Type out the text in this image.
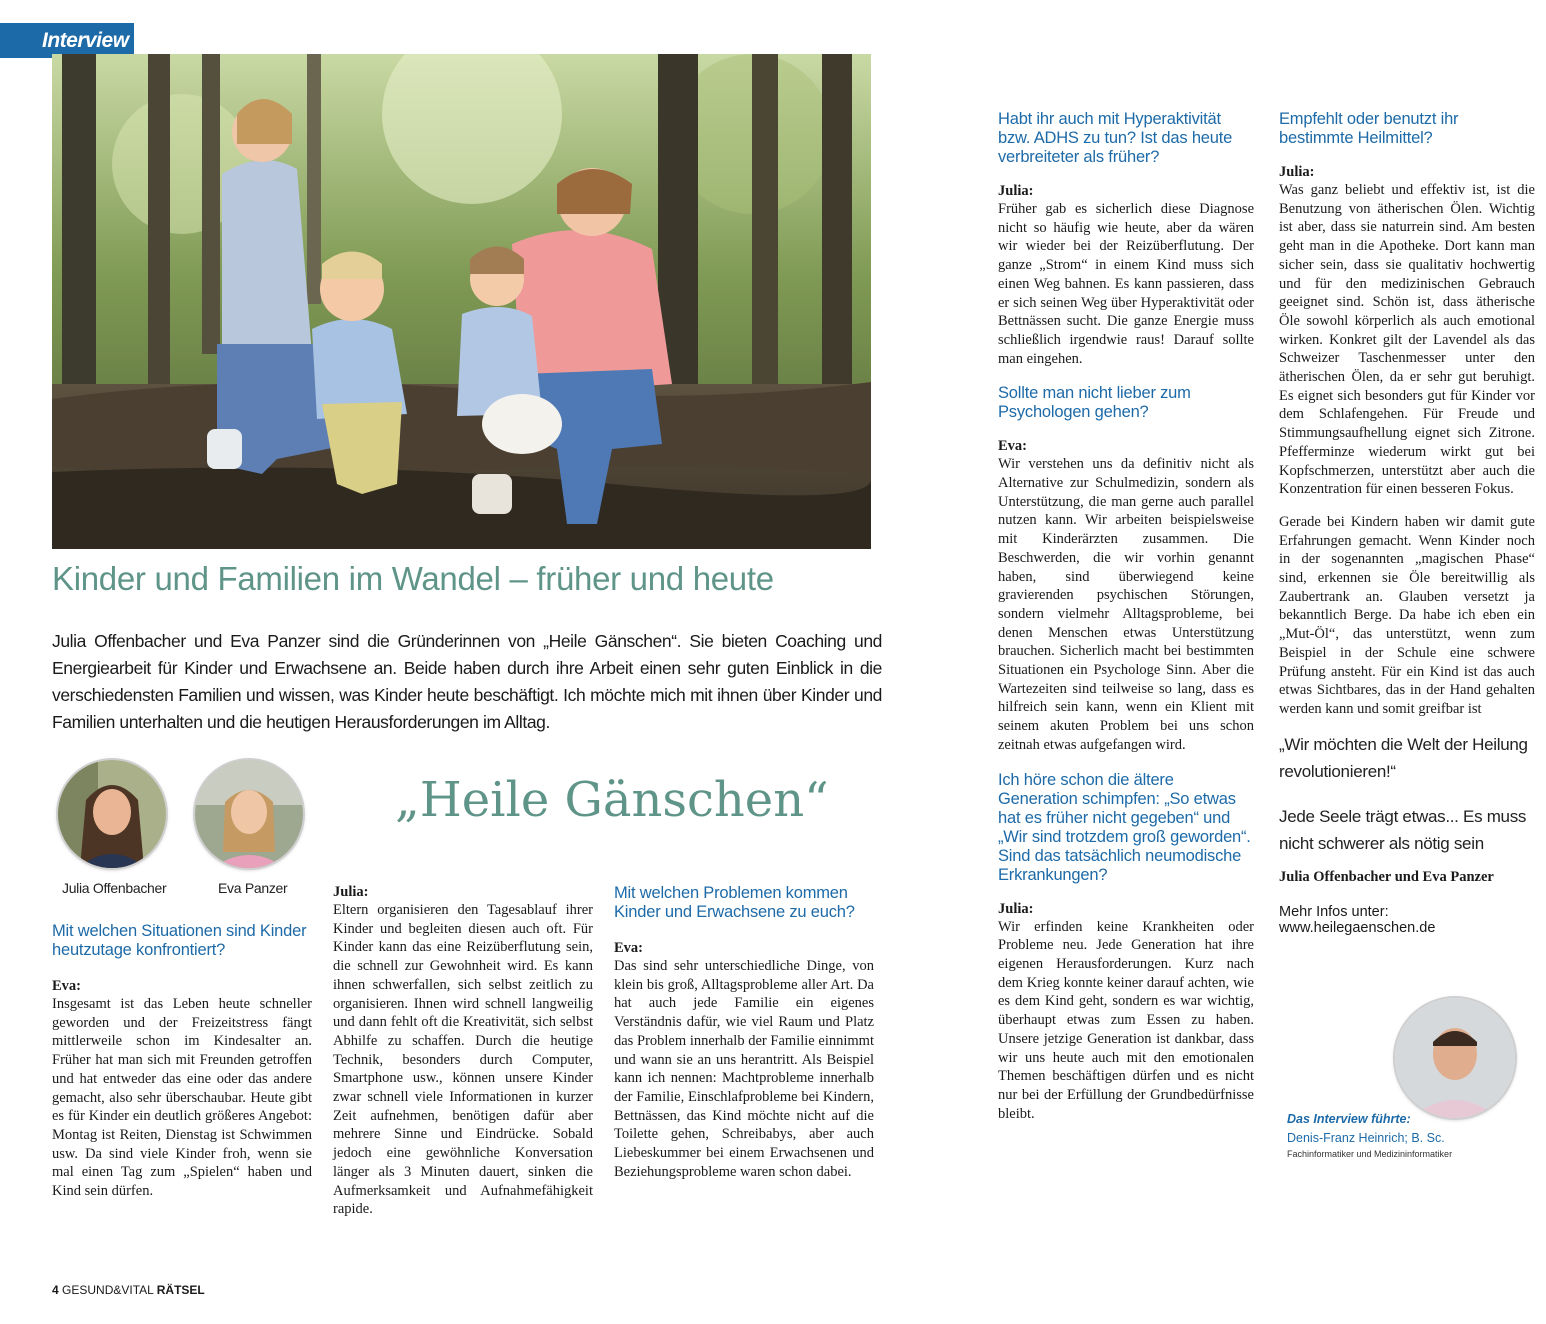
Interview
Kinder und Familien im Wandel – früher und heute
Julia Offenbacher und Eva Panzer sind die Gründerinnen von „Heile Gänschen“. Sie bieten Coaching und Energiearbeit für Kinder und Erwachsene an. Beide haben durch ihre Arbeit einen sehr guten Einblick in die verschiedensten Familien und wissen, was Kinder heute beschäftigt. Ich möchte mich mit ihnen über Kinder und Familien unterhalten und die heutigen Herausforderungen im Alltag.
Julia Offenbacher	Eva Panzer
„Heile Gänschen“
Mit welchen Situationen sind Kinder heutzutage konfrontiert?
Eva:
Insgesamt ist das Leben heute schneller geworden und der Freizeitstress fängt mittlerweile schon im Kindesalter an. Früher hat man sich mit Freunden getroffen und hat entweder das eine oder das andere gemacht, also sehr überschaubar. Heute gibt es für Kinder ein deutlich größeres Angebot: Montag ist Reiten, Dienstag ist Schwimmen usw. Da sind viele Kinder froh, wenn sie mal einen Tag zum „Spielen“ haben und Kind sein dürfen.
Julia:
Eltern organisieren den Tagesablauf ihrer Kinder und begleiten diesen auch oft. Für Kinder kann das eine Reizüberflutung sein, die schnell zur Gewohnheit wird. Es kann ihnen schwerfallen, sich selbst zeitlich zu organisieren. Ihnen wird schnell langweilig und dann fehlt oft die Kreativität, sich selbst Abhilfe zu schaffen. Durch die heutige Technik, besonders durch Computer, Smartphone usw., können unsere Kinder zwar schnell viele Informationen in kurzer Zeit aufnehmen, benötigen dafür aber mehrere Sinne und Eindrücke. Sobald jedoch eine gewöhnliche Konversation länger als 3 Minuten dauert, sinken die Aufmerksamkeit und Aufnahmefähigkeit rapide.
Mit welchen Problemen kommen Kinder und Erwachsene zu euch?
Eva:
Das sind sehr unterschiedliche Dinge, von klein bis groß, Alltagsprobleme aller Art. Da hat auch jede Familie ein eigenes Verständnis dafür, wie viel Raum und Platz das Problem innerhalb der Familie einnimmt und wann sie an uns herantritt. Als Beispiel kann ich nennen: Machtprobleme innerhalb der Familie, Einschlafprobleme bei Kindern, Bettnässen, das Kind möchte nicht auf die Toilette gehen, Schreibabys, aber auch Liebeskummer bei einem Erwachsenen und Beziehungsprobleme waren schon dabei.
Habt ihr auch mit Hyperaktivität bzw. ADHS zu tun? Ist das heute verbreiteter als früher?
Julia:
Früher gab es sicherlich diese Diagnose nicht so häufig wie heute, aber da wären wir wieder bei der Reizüberflutung. Der ganze „Strom“ in einem Kind muss sich einen Weg bahnen. Es kann passieren, dass er sich seinen Weg über Hyperaktivität oder Bettnässen sucht. Die ganze Energie muss schließlich irgendwie raus! Darauf sollte man eingehen.
Sollte man nicht lieber zum Psychologen gehen?
Eva:
Wir verstehen uns da definitiv nicht als Alternative zur Schulmedizin, sondern als Unterstützung, die man gerne auch parallel nutzen kann. Wir arbeiten beispielsweise mit Kinderärzten zusammen. Die Beschwerden, die wir vorhin genannt haben, sind überwiegend keine gravierenden psychischen Störungen, sondern vielmehr Alltagsprobleme, bei denen Menschen etwas Unterstützung brauchen. Sicherlich macht bei bestimmten Situationen ein Psychologe Sinn. Aber die Wartezeiten sind teilweise so lang, dass es hilfreich sein kann, wenn ein Klient mit seinem akuten Problem bei uns schon zeitnah etwas aufgefangen wird.
Ich höre schon die ältere Generation schimpfen: „So etwas hat es früher nicht gegeben“ und „Wir sind trotzdem groß geworden“. Sind das tatsächlich neumodische Erkrankungen?
Julia:
Wir erfinden keine Krankheiten oder Probleme neu. Jede Generation hat ihre eigenen Herausforderungen. Kurz nach dem Krieg konnte keiner darauf achten, wie es dem Kind geht, sondern es war wichtig, überhaupt etwas zum Essen zu haben. Unsere jetzige Generation ist dankbar, dass wir uns heute auch mit den emotionalen Themen beschäftigen dürfen und es nicht nur bei der Erfüllung der Grundbedürfnisse bleibt.
Empfehlt oder benutzt ihr bestimmte Heilmittel?
Julia:
Was ganz beliebt und effektiv ist, ist die Benutzung von ätherischen Ölen. Wichtig ist aber, dass sie naturrein sind. Am besten geht man in die Apotheke. Dort kann man sicher sein, dass sie qualitativ hochwertig und für den medizinischen Gebrauch geeignet sind. Schön ist, dass ätherische Öle sowohl körperlich als auch emotional wirken. Konkret gilt der Lavendel als das Schweizer Taschenmesser unter den ätherischen Ölen, da er sehr gut beruhigt. Es eignet sich besonders gut für Kinder vor dem Schlafengehen. Für Freude und Stimmungsaufhellung eignet sich Zitrone. Pfefferminze wiederum wirkt gut bei Kopfschmerzen, unterstützt aber auch die Konzentration für einen besseren Fokus.
Gerade bei Kindern haben wir damit gute Erfahrungen gemacht. Wenn Kinder noch in der sogenannten „magischen Phase“ sind, erkennen sie Öle bereitwillig als Zaubertrank an. Glauben versetzt ja bekanntlich Berge. Da habe ich eben ein „Mut-Öl“, das unterstützt, wenn zum Beispiel in der Schule eine schwere Prüfung ansteht. Für ein Kind ist das auch etwas Sichtbares, das in der Hand gehalten werden kann und somit greifbar ist
„Wir möchten die Welt der Heilung revolutionieren!“
Jede Seele trägt etwas... Es muss nicht schwerer als nötig sein
Julia Offenbacher und Eva Panzer
Mehr Infos unter:
www.heilegaenschen.de
Das Interview führte:
Denis-Franz Heinrich; B. Sc.
Fachinformatiker und Medizininformatiker
4 GESUND&VITAL RÄTSEL
